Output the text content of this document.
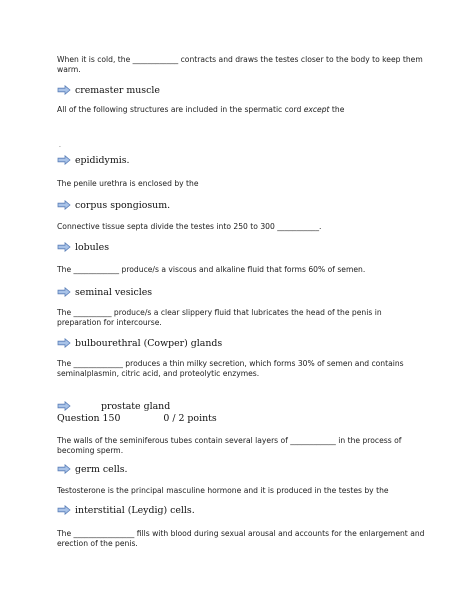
When it is cold, the ____________ contracts and draws the testes closer to the body to keep them warm.
cremaster muscle
All of the following structures are included in the spermatic cord except the
.
epididymis.
The penile urethra is enclosed by the
corpus spongiosum.
Connective tissue septa divide the testes into 250 to 300 ___________.
lobules
The ____________ produce/s a viscous and alkaline fluid that forms 60% of semen.
seminal vesicles
The __________ produce/s a clear slippery fluid that lubricates the head of the penis in preparation for intercourse.
bulbourethral (Cowper) glands
The _____________ produces a thin milky secretion, which forms 30% of semen and contains seminalplasmin, citric acid, and proteolytic enzymes.
prostate gland
Question 150	0 / 2 points
The walls of the seminiferous tubes contain several layers of ____________ in the process of becoming sperm.
germ cells.
Testosterone is the principal masculine hormone and it is produced in the testes by the
interstitial (Leydig) cells.
The ________________ fills with blood during sexual arousal and accounts for the enlargement and erection of the penis.
